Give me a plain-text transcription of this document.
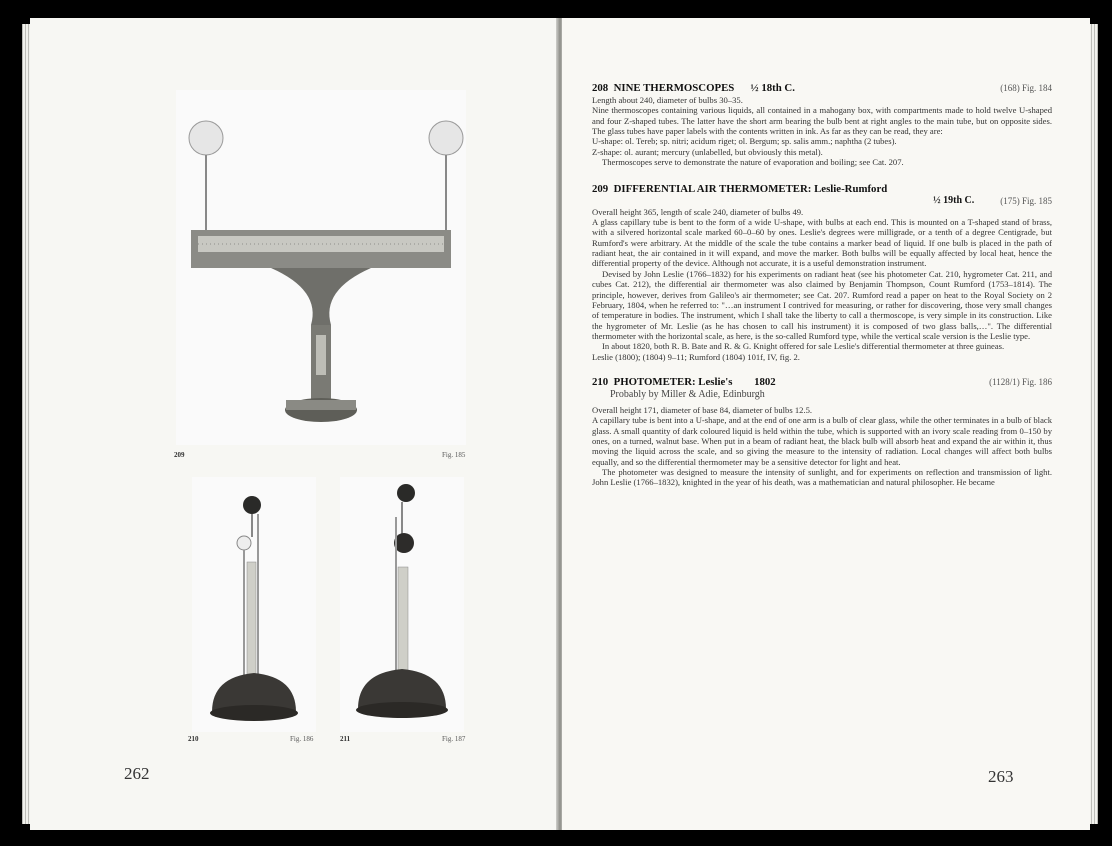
209	Fig. 185
210	Fig. 186	211	Fig. 187
262
208 NINE THERMOSCOPES ½ 18th C.	(168) Fig. 184

Length about 240, diameter of bulbs 30–35.

Nine thermoscopes containing various liquids, all contained in a mahogany box, with compartments made to hold twelve U-shaped and four Z-shaped tubes. The latter have the short arm bearing the bulb bent at right angles to the main tube, but on opposite sides. The glass tubes have paper labels with the contents written in ink. As far as they can be read, they are:

U-shape: ol. Tereb; sp. nitri; acidum riget; ol. Bergum; sp. salis amm.; naphtha (2 tubes).

Z-shape: ol. aurant; mercury (unlabelled, but obviously this metal).

Thermoscopes serve to demonstrate the nature of evaporation and boiling; see Cat. 207.

209 DIFFERENTIAL AIR THERMOMETER: Leslie-Rumford
½ 19th C.	(175) Fig. 185

Overall height 365, length of scale 240, diameter of bulbs 49.

A glass capillary tube is bent to the form of a wide U-shape, with bulbs at each end. This is mounted on a T-shaped stand of brass, with a silvered horizontal scale marked 60–0–60 by ones. Leslie's degrees were milligrade, or a tenth of a degree Centigrade, but Rumford's were arbitrary. At the middle of the scale the tube contains a marker bead of liquid. If one bulb is placed in the path of radiant heat, the air contained in it will expand, and move the marker. Both bulbs will be equally affected by local heat, hence the differential property of the device. Although not accurate, it is a useful demonstration instrument.

Devised by John Leslie (1766–1832) for his experiments on radiant heat (see his photometer Cat. 210, hygrometer Cat. 211, and cubes Cat. 212), the differential air thermometer was also claimed by Benjamin Thompson, Count Rumford (1753–1814). The principle, however, derives from Galileo's air thermometer; see Cat. 207. Rumford read a paper on heat to the Royal Society on 2 February, 1804, when he referred to: "…an instrument I contrived for measuring, or rather for discovering, those very small changes of temperature in bodies. The instrument, which I shall take the liberty to call a thermoscope, is very simple in its construction. Like the hygrometer of Mr. Leslie (as he has chosen to call his instrument) it is composed of two glass balls,…". The differential thermometer with the horizontal scale, as here, is the so-called Rumford type, while the vertical scale version is the Leslie type.

In about 1820, both R. B. Bate and R. & G. Knight offered for sale Leslie's differential thermometer at three guineas.

Leslie (1800); (1804) 9–11; Rumford (1804) 101f, IV, fig. 2.

210 PHOTOMETER: Leslie's 1802	(1128/1) Fig. 186
Probably by Miller & Adie, Edinburgh

Overall height 171, diameter of base 84, diameter of bulbs 12.5.

A capillary tube is bent into a U-shape, and at the end of one arm is a bulb of clear glass, while the other terminates in a bulb of black glass. A small quantity of dark coloured liquid is held within the tube, which is supported with an ivory scale reading from 0–150 by ones, on a turned, walnut base. When put in a beam of radiant heat, the black bulb will absorb heat and expand the air within it, thus moving the liquid across the scale, and so giving the measure to the intensity of radiation. Local changes will affect both bulbs equally, and so the differential thermometer may be a sensitive detector for light and heat.

The photometer was designed to measure the intensity of sunlight, and for experiments on reflection and transmission of light. John Leslie (1766–1832), knighted in the year of his death, was a mathematician and natural philosopher. He became

263
